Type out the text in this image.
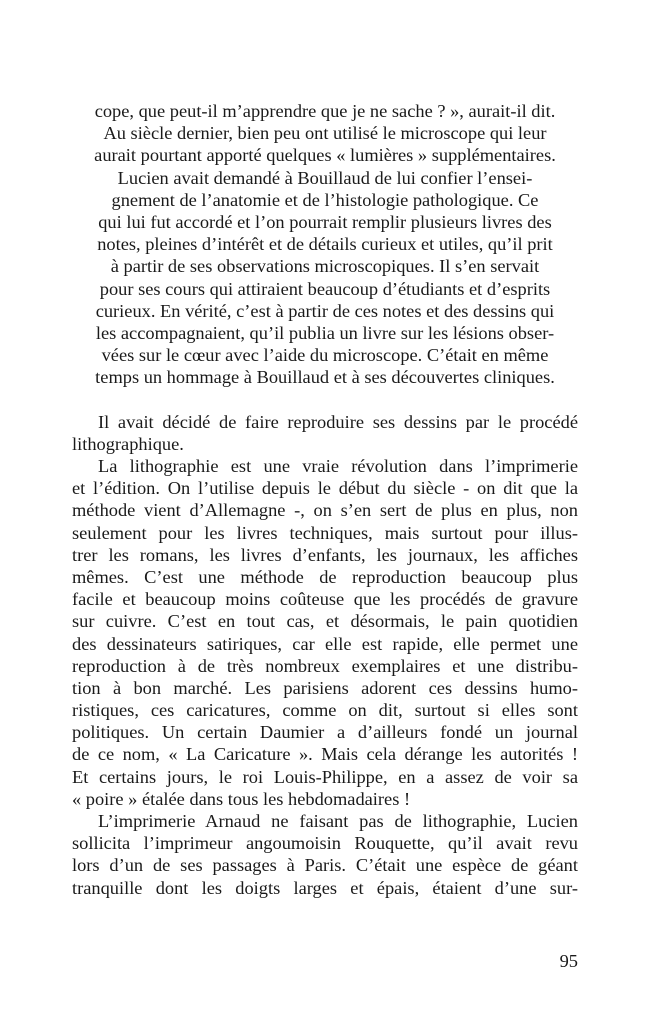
cope, que peut-il m’apprendre que je ne sache ? », aurait-il dit.
Au siècle dernier, bien peu ont utilisé le microscope qui leur
aurait pourtant apporté quelques « lumières » supplémentaires.
Lucien avait demandé à Bouillaud de lui confier l’ensei-
gnement de l’anatomie et de l’histologie pathologique. Ce
qui lui fut accordé et l’on pourrait remplir plusieurs livres des
notes, pleines d’intérêt et de détails curieux et utiles, qu’il prit
à partir de ses observations microscopiques. Il s’en servait
pour ses cours qui attiraient beaucoup d’étudiants et d’esprits
curieux. En vérité, c’est à partir de ces notes et des dessins qui
les accompagnaient, qu’il publia un livre sur les lésions obser-
vées sur le cœur avec l’aide du microscope. C’était en même
temps un hommage à Bouillaud et à ses découvertes cliniques.
Il avait décidé de faire reproduire ses dessins par le procédé
lithographique.
La lithographie est une vraie révolution dans l’imprimerie
et l’édition. On l’utilise depuis le début du siècle - on dit que la
méthode vient d’Allemagne -, on s’en sert de plus en plus, non
seulement pour les livres techniques, mais surtout pour illus-
trer les romans, les livres d’enfants, les journaux, les affiches
mêmes. C’est une méthode de reproduction beaucoup plus
facile et beaucoup moins coûteuse que les procédés de gravure
sur cuivre. C’est en tout cas, et désormais, le pain quotidien
des dessinateurs satiriques, car elle est rapide, elle permet une
reproduction à de très nombreux exemplaires et une distribu-
tion à bon marché. Les parisiens adorent ces dessins humo-
ristiques, ces caricatures, comme on dit, surtout si elles sont
politiques. Un certain Daumier a d’ailleurs fondé un journal
de ce nom, « La Caricature ». Mais cela dérange les autorités !
Et certains jours, le roi Louis-Philippe, en a assez de voir sa
« poire » étalée dans tous les hebdomadaires !
L’imprimerie Arnaud ne faisant pas de lithographie, Lucien
sollicita l’imprimeur angoumoisin Rouquette, qu’il avait revu
lors d’un de ses passages à Paris. C’était une espèce de géant
tranquille dont les doigts larges et épais, étaient d’une sur-
95
